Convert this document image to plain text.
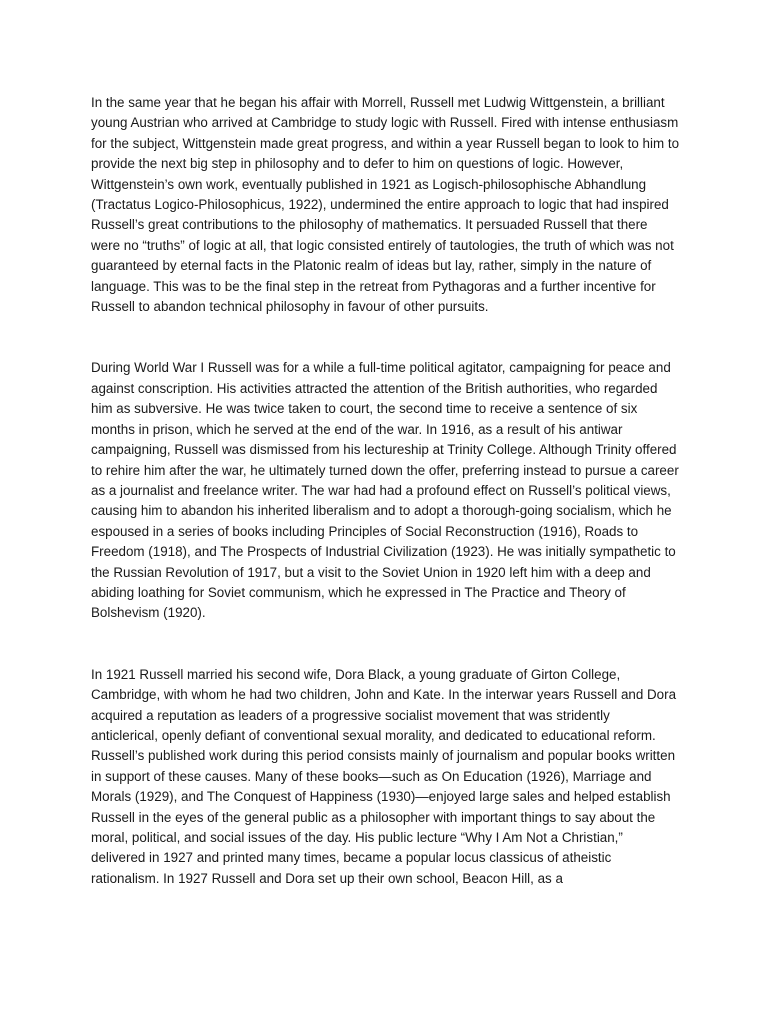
In the same year that he began his affair with Morrell, Russell met Ludwig Wittgenstein, a brilliant young Austrian who arrived at Cambridge to study logic with Russell. Fired with intense enthusiasm for the subject, Wittgenstein made great progress, and within a year Russell began to look to him to provide the next big step in philosophy and to defer to him on questions of logic. However, Wittgenstein’s own work, eventually published in 1921 as Logisch-philosophische Abhandlung (Tractatus Logico-Philosophicus, 1922), undermined the entire approach to logic that had inspired Russell’s great contributions to the philosophy of mathematics. It persuaded Russell that there were no “truths” of logic at all, that logic consisted entirely of tautologies, the truth of which was not guaranteed by eternal facts in the Platonic realm of ideas but lay, rather, simply in the nature of language. This was to be the final step in the retreat from Pythagoras and a further incentive for Russell to abandon technical philosophy in favour of other pursuits.

During World War I Russell was for a while a full-time political agitator, campaigning for peace and against conscription. His activities attracted the attention of the British authorities, who regarded him as subversive. He was twice taken to court, the second time to receive a sentence of six months in prison, which he served at the end of the war. In 1916, as a result of his antiwar campaigning, Russell was dismissed from his lectureship at Trinity College. Although Trinity offered to rehire him after the war, he ultimately turned down the offer, preferring instead to pursue a career as a journalist and freelance writer. The war had had a profound effect on Russell’s political views, causing him to abandon his inherited liberalism and to adopt a thorough-going socialism, which he espoused in a series of books including Principles of Social Reconstruction (1916), Roads to Freedom (1918), and The Prospects of Industrial Civilization (1923). He was initially sympathetic to the Russian Revolution of 1917, but a visit to the Soviet Union in 1920 left him with a deep and abiding loathing for Soviet communism, which he expressed in The Practice and Theory of Bolshevism (1920).

In 1921 Russell married his second wife, Dora Black, a young graduate of Girton College, Cambridge, with whom he had two children, John and Kate. In the interwar years Russell and Dora acquired a reputation as leaders of a progressive socialist movement that was stridently anticlerical, openly defiant of conventional sexual morality, and dedicated to educational reform. Russell’s published work during this period consists mainly of journalism and popular books written in support of these causes. Many of these books—such as On Education (1926), Marriage and Morals (1929), and The Conquest of Happiness (1930)—enjoyed large sales and helped establish Russell in the eyes of the general public as a philosopher with important things to say about the moral, political, and social issues of the day. His public lecture “Why I Am Not a Christian,” delivered in 1927 and printed many times, became a popular locus classicus of atheistic rationalism. In 1927 Russell and Dora set up their own school, Beacon Hill, as a
